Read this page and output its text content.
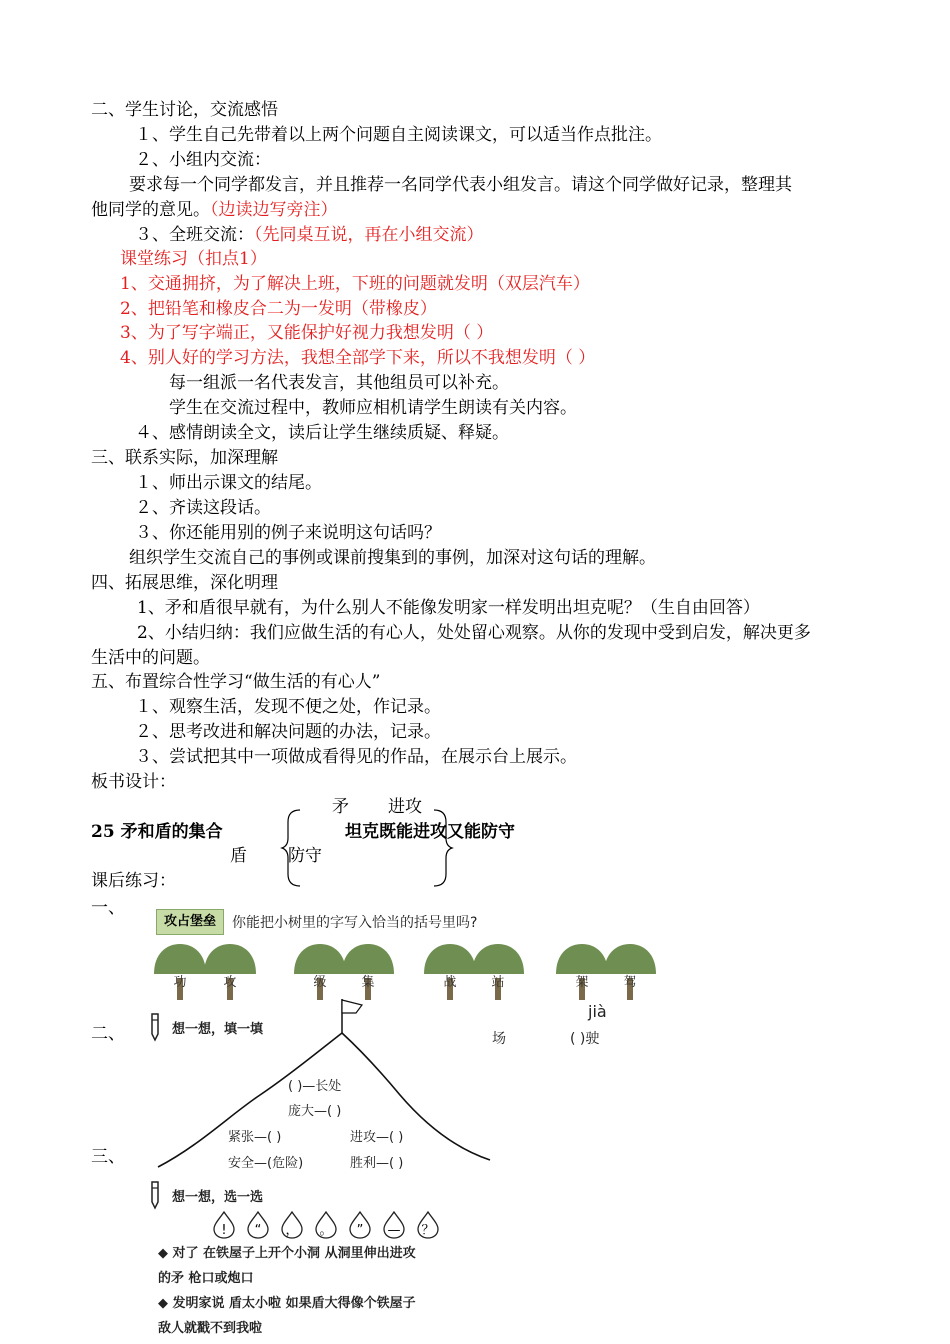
二、学生讨论，交流感悟
１、学生自己先带着以上两个问题自主阅读课文，可以适当作点批注。
２、小组内交流：
要求每一个同学都发言，并且推荐一名同学代表小组发言。请这个同学做好记录，整理其
他同学的意见。（边读边写旁注）
３、全班交流：（先同桌互说，再在小组交流）
课堂练习（扣点1）
1、交通拥挤，为了解决上班，下班的问题就发明（双层汽车）
2、把铅笔和橡皮合二为一发明（带橡皮）
3、为了写字端正，又能保护好视力我想发明（ ）
4、别人好的学习方法，我想全部学下来，所以不我想发明（ ）
每一组派一名代表发言，其他组员可以补充。
学生在交流过程中，教师应相机请学生朗读有关内容。
４、感情朗读全文，读后让学生继续质疑、释疑。
三、联系实际，加深理解
１、师出示课文的结尾。
２、齐读这段话。
３、你还能用别的例子来说明这句话吗？
组织学生交流自己的事例或课前搜集到的事例，加深对这句话的理解。
四、拓展思维，深化明理
1、矛和盾很早就有，为什么别人不能像发明家一样发明出坦克呢？（生自由回答）
2、小结归纳：我们应做生活的有心人，处处留心观察。从你的发现中受到启发，解决更多
生活中的问题。
五、布置综合性学习“做生活的有心人”
１、观察生活，发现不便之处，作记录。
２、思考改进和解决问题的办法，记录。
３、尝试把其中一项做成看得见的作品，在展示台上展示。
板书设计：
矛 进攻
25 矛和盾的集合	坦克既能进攻又能防守
盾 防守
课后练习：
一、
二、
三、
攻占堡垒	你能把小树里的字写入恰当的括号里吗?
功	攻	级	集	战	站	架	驾
jià
场	( )驶
想一想，填一填
( )—长处
庞大—( )
紧张—( )	进攻—( )
安全—(危险)	胜利—( )
想一想，选一选
! “ ， 。 ” — ？
◆ 对了 在铁屋子上开个小洞 从洞里伸出进攻
的矛 枪口或炮口
◆ 发明家说 盾太小啦 如果盾大得像个铁屋子
敌人就戳不到我啦
